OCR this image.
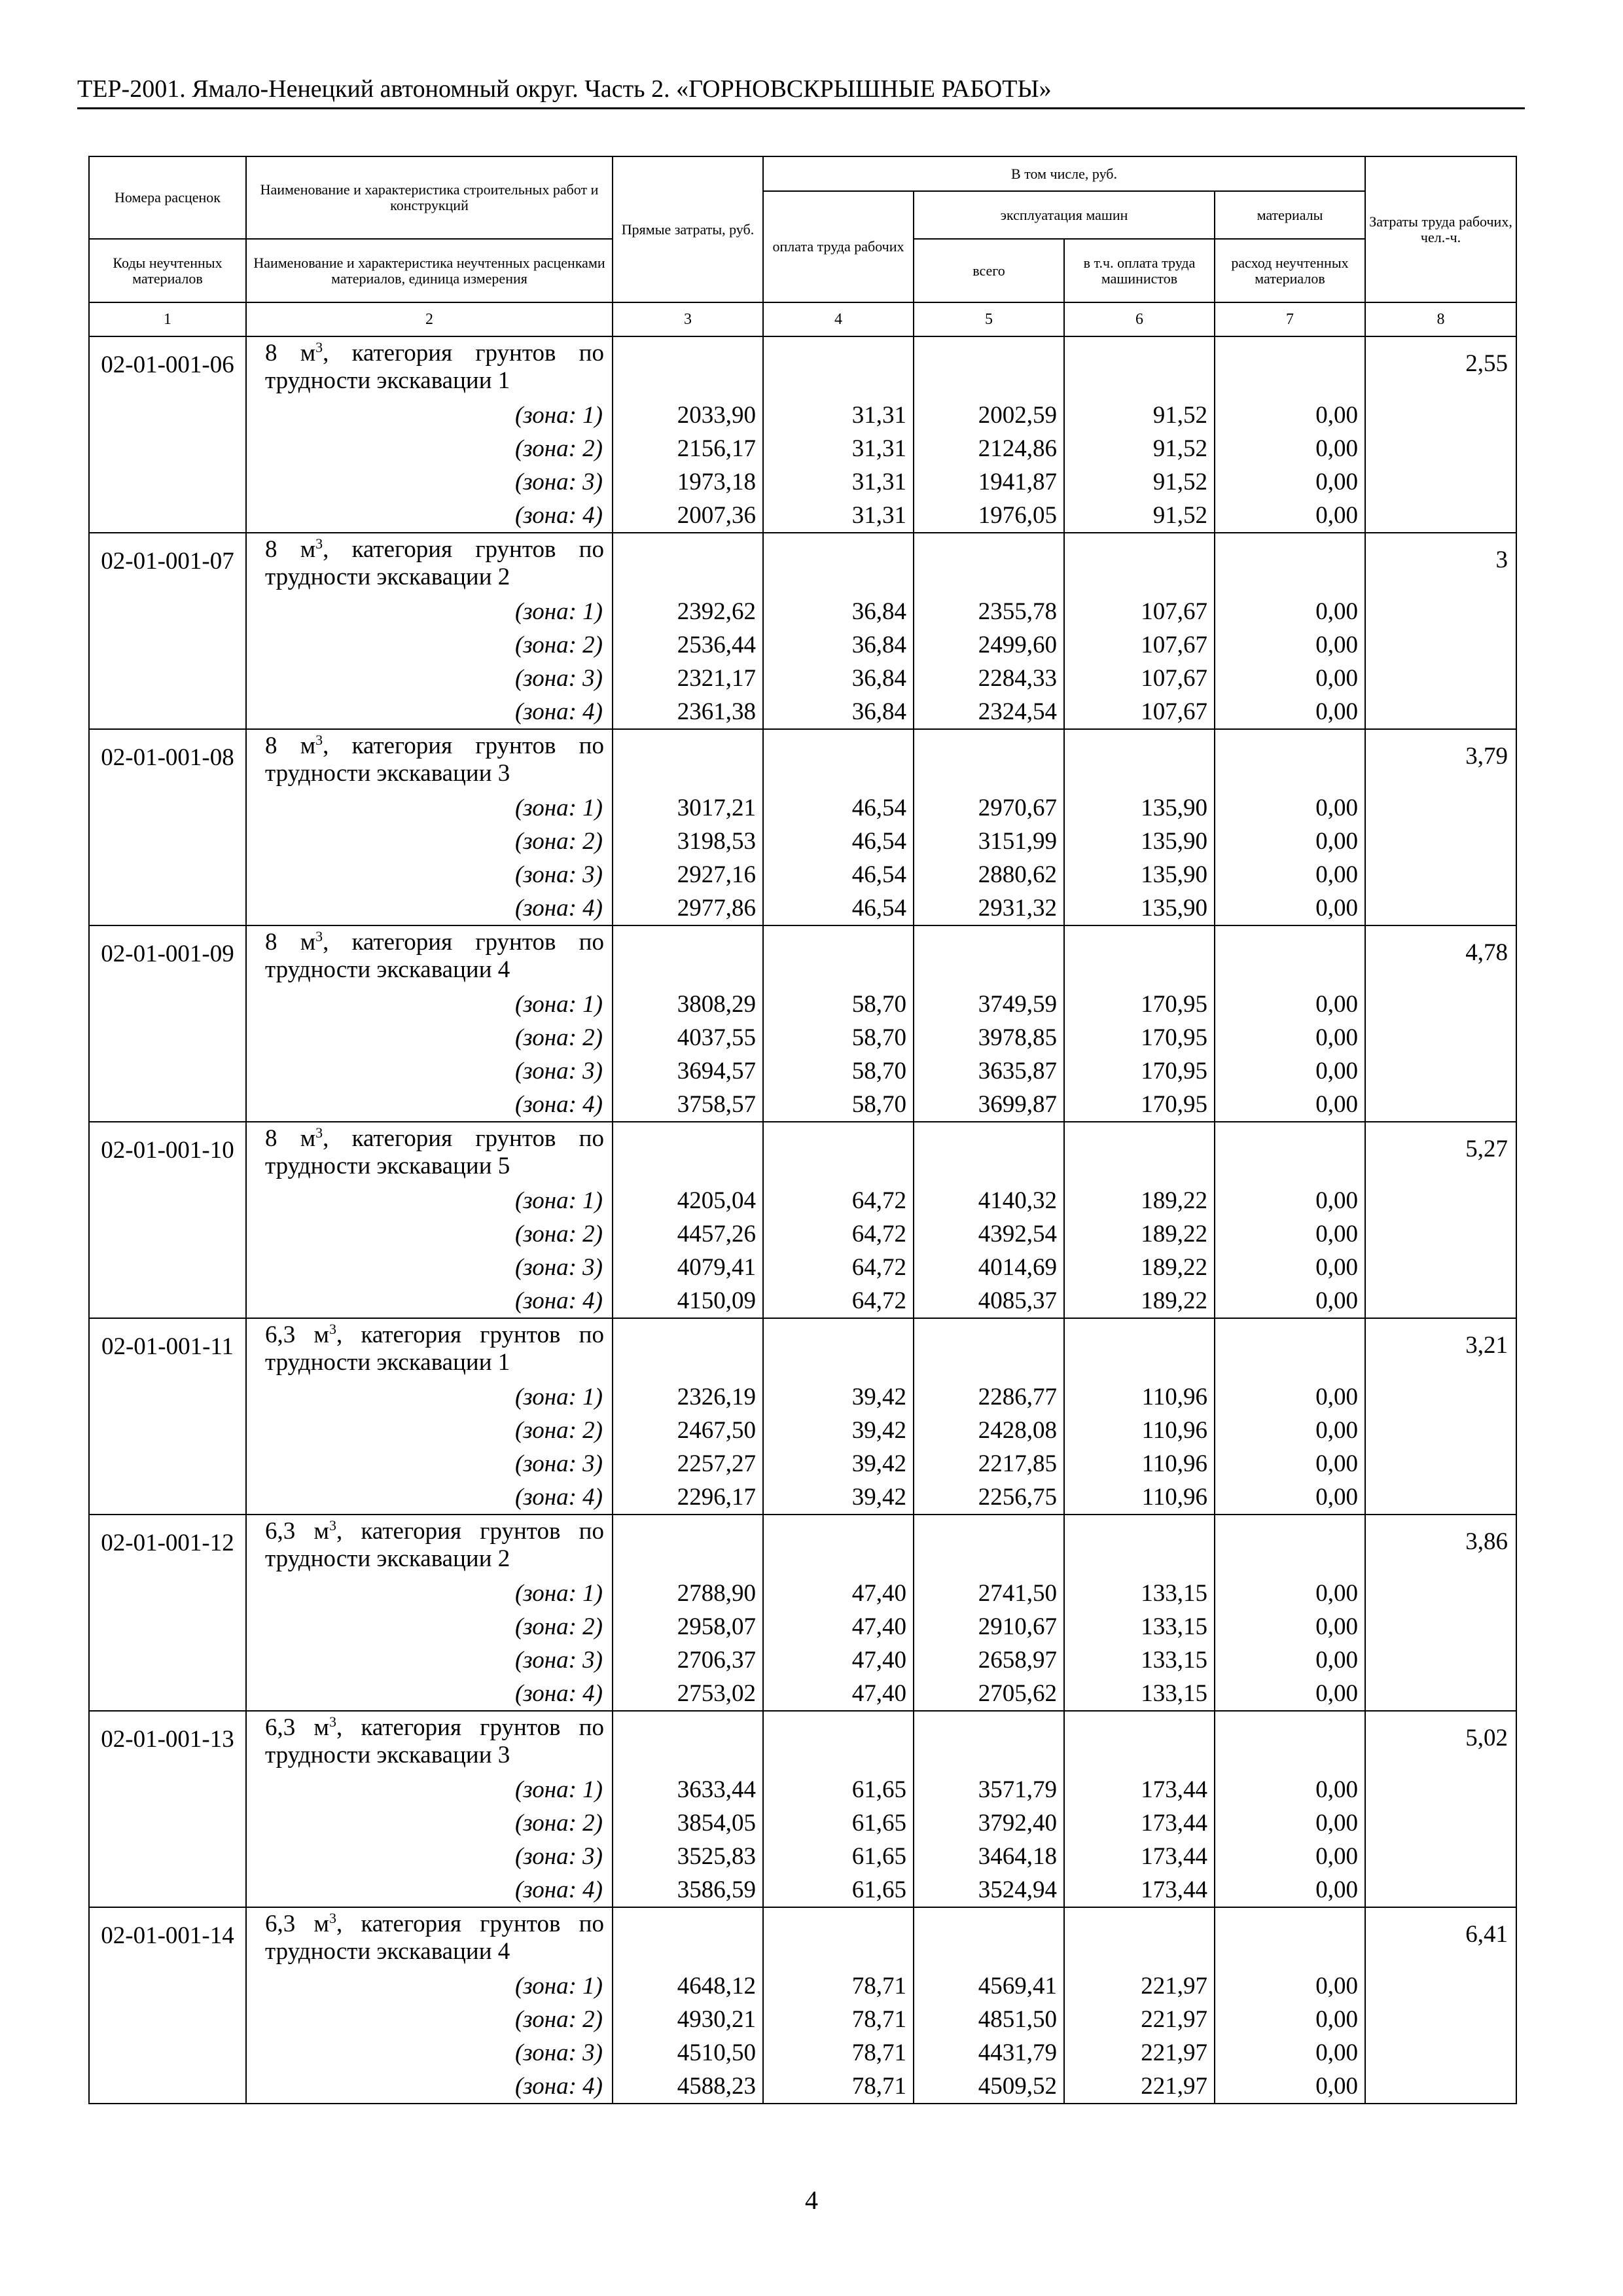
ТЕР-2001. Ямало-Ненецкий автономный округ. Часть 2. «ГОРНОВСКРЫШНЫЕ РАБОТЫ»
Номера расценок	Наименование и характеристика строительных работ и конструкций	Прямые затраты, руб.	В том числе, руб.				Затраты труда рабочих, чел.-ч.
			оплата труда рабочих	эксплуатация машин		материалы	
Коды неучтенных материалов	Наименование и характеристика неучтенных расценками материалов, единица измерения			всего	в т.ч. оплата труда машинистов	расход неучтенных материалов	
1	2	3	4	5	6	7	8
02-01-001-06	8 $м^3$, категория грунтов по трудности экскавации 1						2,55
	(зона: 1)	2033,90	31,31	2002,59	91,52	0,00	
	(зона: 2)	2156,17	31,31	2124,86	91,52	0,00	
	(зона: 3)	1973,18	31,31	1941,87	91,52	0,00	
	(зона: 4)	2007,36	31,31	1976,05	91,52	0,00	
02-01-001-07	8 $м^3$, категория грунтов по трудности экскавации 2						3
	(зона: 1)	2392,62	36,84	2355,78	107,67	0,00	
	(зона: 2)	2536,44	36,84	2499,60	107,67	0,00	
	(зона: 3)	2321,17	36,84	2284,33	107,67	0,00	
	(зона: 4)	2361,38	36,84	2324,54	107,67	0,00	
02-01-001-08	8 $м^3$, категория грунтов по трудности экскавации 3						3,79
	(зона: 1)	3017,21	46,54	2970,67	135,90	0,00	
	(зона: 2)	3198,53	46,54	3151,99	135,90	0,00	
	(зона: 3)	2927,16	46,54	2880,62	135,90	0,00	
	(зона: 4)	2977,86	46,54	2931,32	135,90	0,00	
02-01-001-09	8 $м^3$, категория грунтов по трудности экскавации 4						4,78
	(зона: 1)	3808,29	58,70	3749,59	170,95	0,00	
	(зона: 2)	4037,55	58,70	3978,85	170,95	0,00	
	(зона: 3)	3694,57	58,70	3635,87	170,95	0,00	
	(зона: 4)	3758,57	58,70	3699,87	170,95	0,00	
02-01-001-10	8 $м^3$, категория грунтов по трудности экскавации 5						5,27
	(зона: 1)	4205,04	64,72	4140,32	189,22	0,00	
	(зона: 2)	4457,26	64,72	4392,54	189,22	0,00	
	(зона: 3)	4079,41	64,72	4014,69	189,22	0,00	
	(зона: 4)	4150,09	64,72	4085,37	189,22	0,00	
02-01-001-11	6,3 $м^3$, категория грунтов по трудности экскавации 1						3,21
	(зона: 1)	2326,19	39,42	2286,77	110,96	0,00	
	(зона: 2)	2467,50	39,42	2428,08	110,96	0,00	
	(зона: 3)	2257,27	39,42	2217,85	110,96	0,00	
	(зона: 4)	2296,17	39,42	2256,75	110,96	0,00	
02-01-001-12	6,3 $м^3$, категория грунтов по трудности экскавации 2						3,86
	(зона: 1)	2788,90	47,40	2741,50	133,15	0,00	
	(зона: 2)	2958,07	47,40	2910,67	133,15	0,00	
	(зона: 3)	2706,37	47,40	2658,97	133,15	0,00	
	(зона: 4)	2753,02	47,40	2705,62	133,15	0,00	
02-01-001-13	6,3 $м^3$, категория грунтов по трудности экскавации 3						5,02
	(зона: 1)	3633,44	61,65	3571,79	173,44	0,00	
	(зона: 2)	3854,05	61,65	3792,40	173,44	0,00	
	(зона: 3)	3525,83	61,65	3464,18	173,44	0,00	
	(зона: 4)	3586,59	61,65	3524,94	173,44	0,00	
02-01-001-14	6,3 $м^3$, категория грунтов по трудности экскавации 4						6,41
	(зона: 1)	4648,12	78,71	4569,41	221,97	0,00	
	(зона: 2)	4930,21	78,71	4851,50	221,97	0,00	
	(зона: 3)	4510,50	78,71	4431,79	221,97	0,00	
	(зона: 4)	4588,23	78,71	4509,52	221,97	0,00	
4
